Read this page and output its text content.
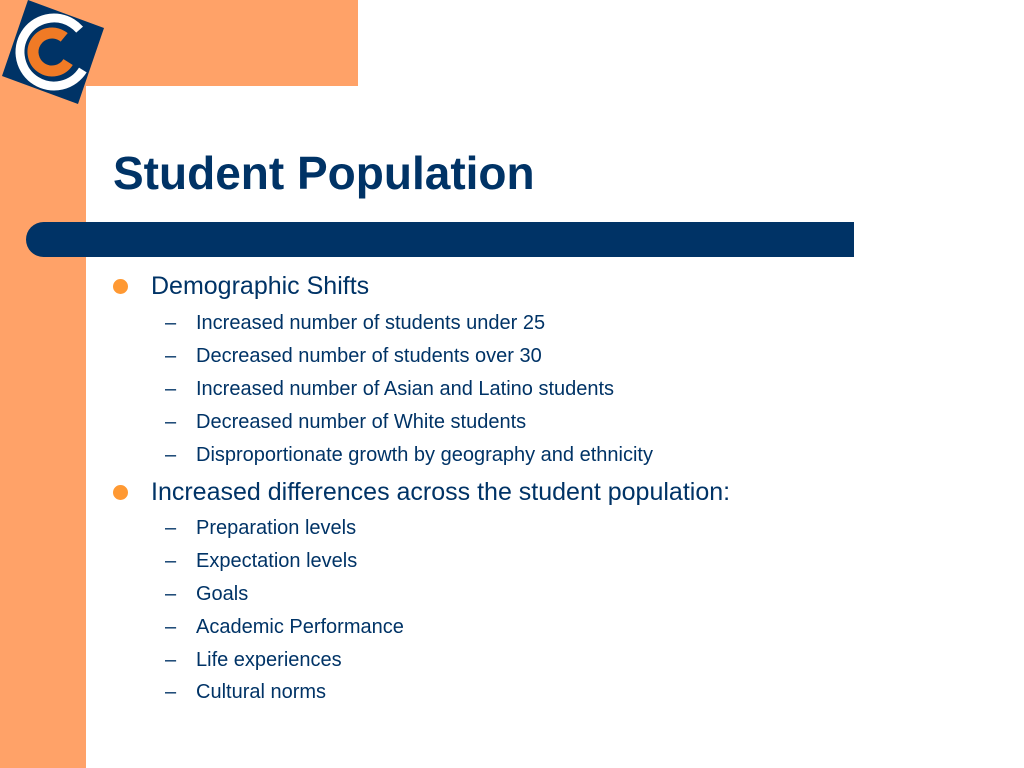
Student Population
Demographic Shifts
– Increased number of students under 25
– Decreased number of students over 30
– Increased number of Asian and Latino students
– Decreased number of White students
– Disproportionate growth by geography and ethnicity
Increased differences across the student population:
– Preparation levels
– Expectation levels
– Goals
– Academic Performance
– Life experiences
– Cultural norms
